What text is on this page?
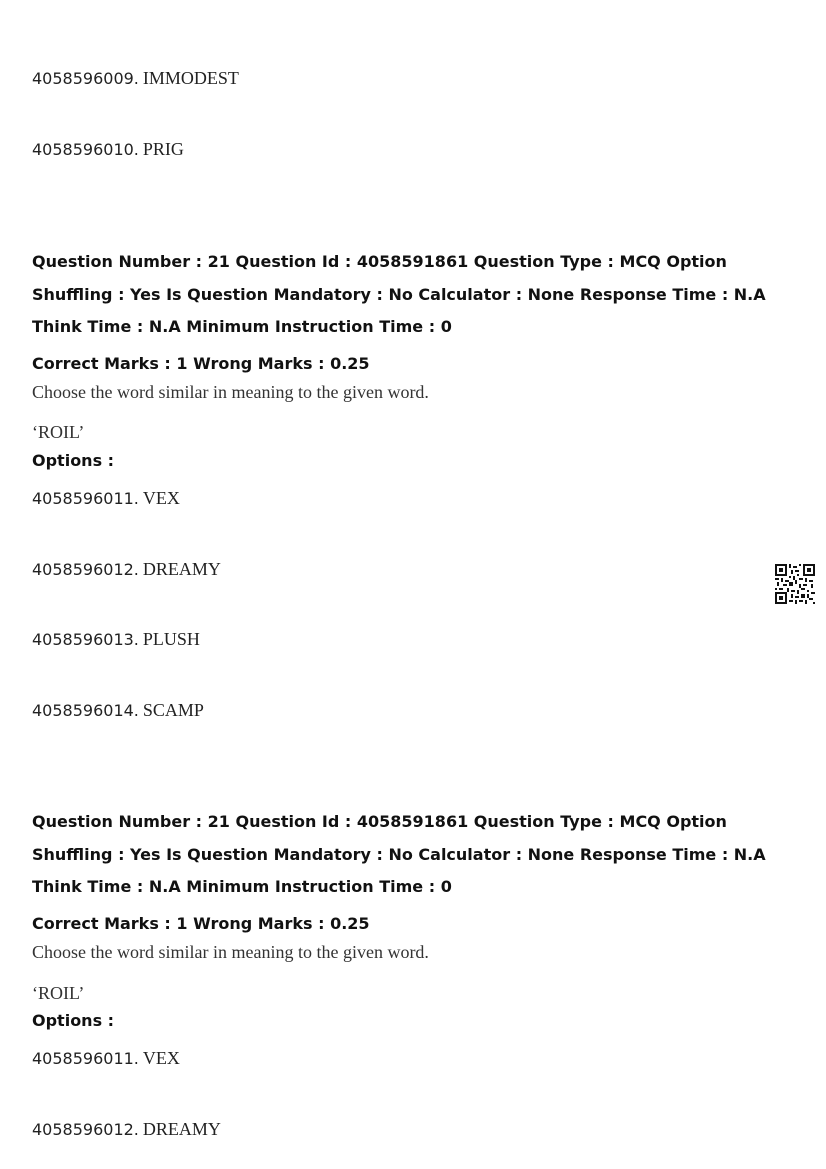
4058596009. IMMODEST
4058596010. PRIG
Question Number : 21 Question Id : 4058591861 Question Type : MCQ Option Shuffling : Yes Is Question Mandatory : No Calculator : None Response Time : N.A Think Time : N.A Minimum Instruction Time : 0
Correct Marks : 1 Wrong Marks : 0.25
Choose the word similar in meaning to the given word.
‘ROIL’
Options :
4058596011. VEX
4058596012. DREAMY
4058596013. PLUSH
4058596014. SCAMP
Question Number : 21 Question Id : 4058591861 Question Type : MCQ Option Shuffling : Yes Is Question Mandatory : No Calculator : None Response Time : N.A Think Time : N.A Minimum Instruction Time : 0
Correct Marks : 1 Wrong Marks : 0.25
Choose the word similar in meaning to the given word.
‘ROIL’
Options :
4058596011. VEX
4058596012. DREAMY
